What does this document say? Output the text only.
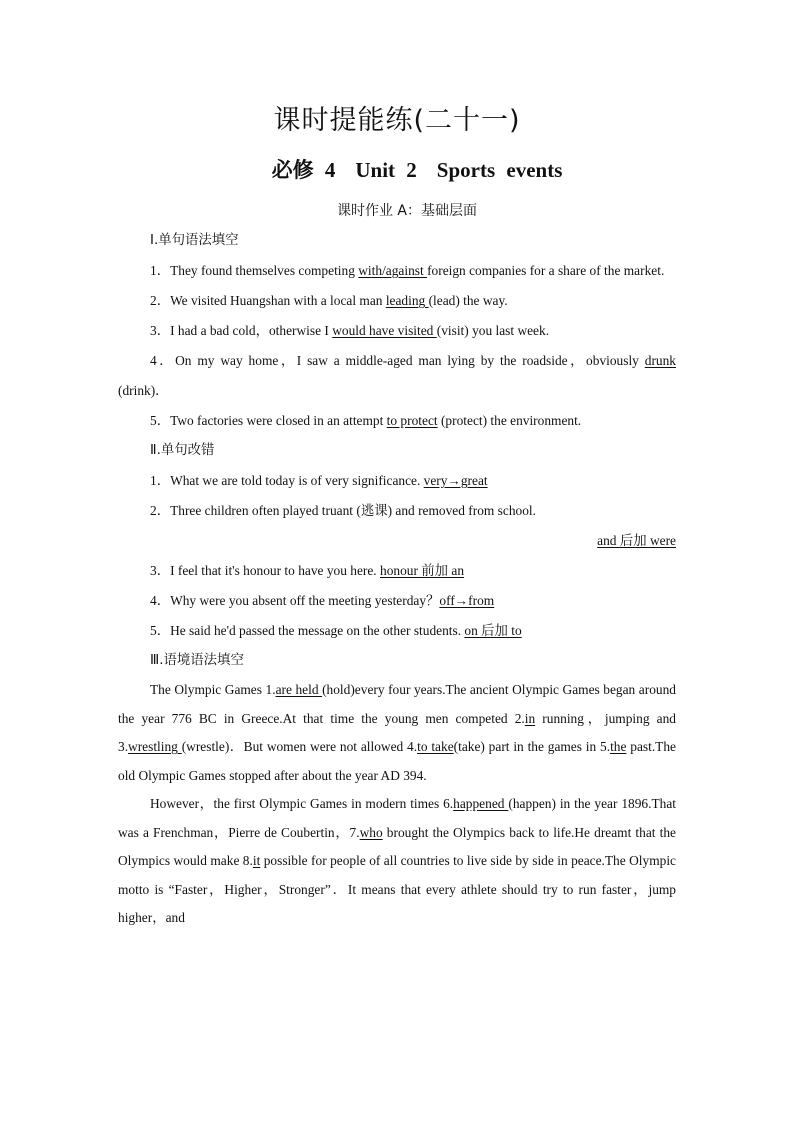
课时提能练(二十一)
必修 4 Unit 2 Sports events
课时作业 A：基础层面
Ⅰ.单句语法填空
1．They found themselves competing with/against foreign companies for a share of the market.
2．We visited Huangshan with a local man leading (lead) the way.
3．I had a bad cold，otherwise I would have visited (visit) you last week.
4．On my way home，I saw a middle-aged man lying by the roadside，obviously drunk (drink)．
5．Two factories were closed in an attempt to protect (protect) the environment.
Ⅱ.单句改错
1．What we are told today is of very significance. very→great
2．Three children often played truant (逃课) and removed from school.
and 后加 were
3．I feel that it's honour to have you here. honour 前加 an
4．Why were you absent off the meeting yesterday？off→from
5．He said he'd passed the message on the other students. on 后加 to
Ⅲ.语境语法填空

The Olympic Games 1.are held (hold)every four years.The ancient Olympic Games began around the year 776 BC in Greece.At that time the young men competed 2.in running，jumping and 3.wrestling (wrestle)．But women were not allowed 4.to take(take) part in the games in 5.the past.The old Olympic Games stopped after about the year AD 394.

However，the first Olympic Games in modern times 6.happened (happen) in the year 1896.That was a Frenchman，Pierre de Coubertin，7.who brought the Olympics back to life.He dreamt that the Olympics would make 8.it possible for people of all countries to live side by side in peace.The Olympic motto is “Faster，Higher，Stronger”．It means that every athlete should try to run faster，jump higher，and
